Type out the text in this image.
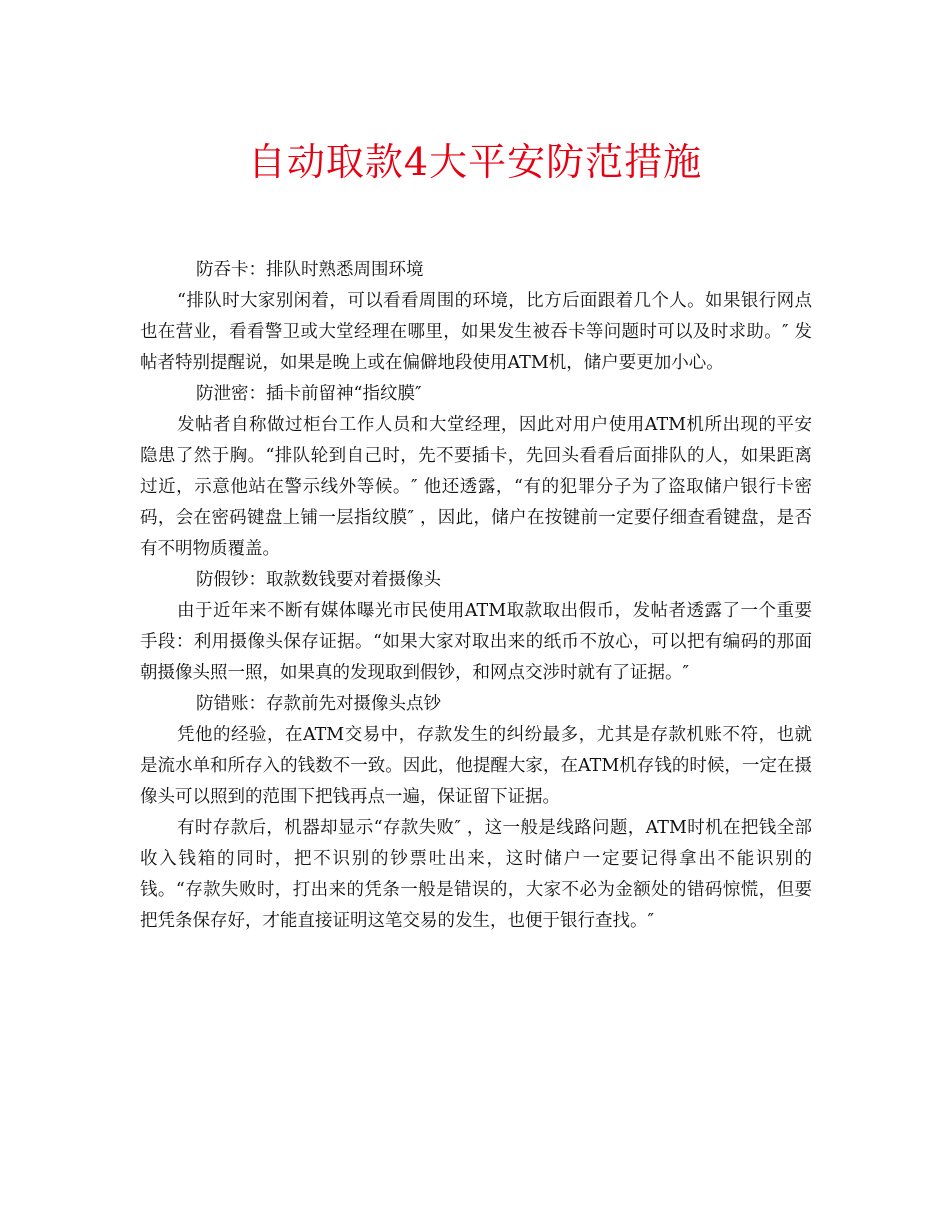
自动取款4大平安防范措施

防吞卡：排队时熟悉周围环境

“排队时大家别闲着，可以看看周围的环境，比方后面跟着几个人。如果银行网点也在营业，看看警卫或大堂经理在哪里，如果发生被吞卡等问题时可以及时求助。″ 发帖者特别提醒说，如果是晚上或在偏僻地段使用ATM机，储户要更加小心。

防泄密：插卡前留神“指纹膜″

发帖者自称做过柜台工作人员和大堂经理，因此对用户使用ATM机所出现的平安隐患了然于胸。“排队轮到自己时，先不要插卡，先回头看看后面排队的人，如果距离过近，示意他站在警示线外等候。″ 他还透露，“有的犯罪分子为了盗取储户银行卡密码，会在密码键盘上铺一层指纹膜″ ，因此，储户在按键前一定要仔细查看键盘，是否有不明物质覆盖。

防假钞：取款数钱要对着摄像头

由于近年来不断有媒体曝光市民使用ATM取款取出假币，发帖者透露了一个重要手段：利用摄像头保存证据。“如果大家对取出来的纸币不放心，可以把有编码的那面朝摄像头照一照，如果真的发现取到假钞，和网点交涉时就有了证据。″

防错账：存款前先对摄像头点钞

凭他的经验，在ATM交易中，存款发生的纠纷最多，尤其是存款机账不符，也就是流水单和所存入的钱数不一致。因此，他提醒大家，在ATM机存钱的时候，一定在摄像头可以照到的范围下把钱再点一遍，保证留下证据。

有时存款后，机器却显示“存款失败″ ，这一般是线路问题，ATM时机在把钱全部收入钱箱的同时，把不识别的钞票吐出来，这时储户一定要记得拿出不能识别的钱。“存款失败时，打出来的凭条一般是错误的，大家不必为金额处的错码惊慌，但要把凭条保存好，才能直接证明这笔交易的发生，也便于银行查找。″
